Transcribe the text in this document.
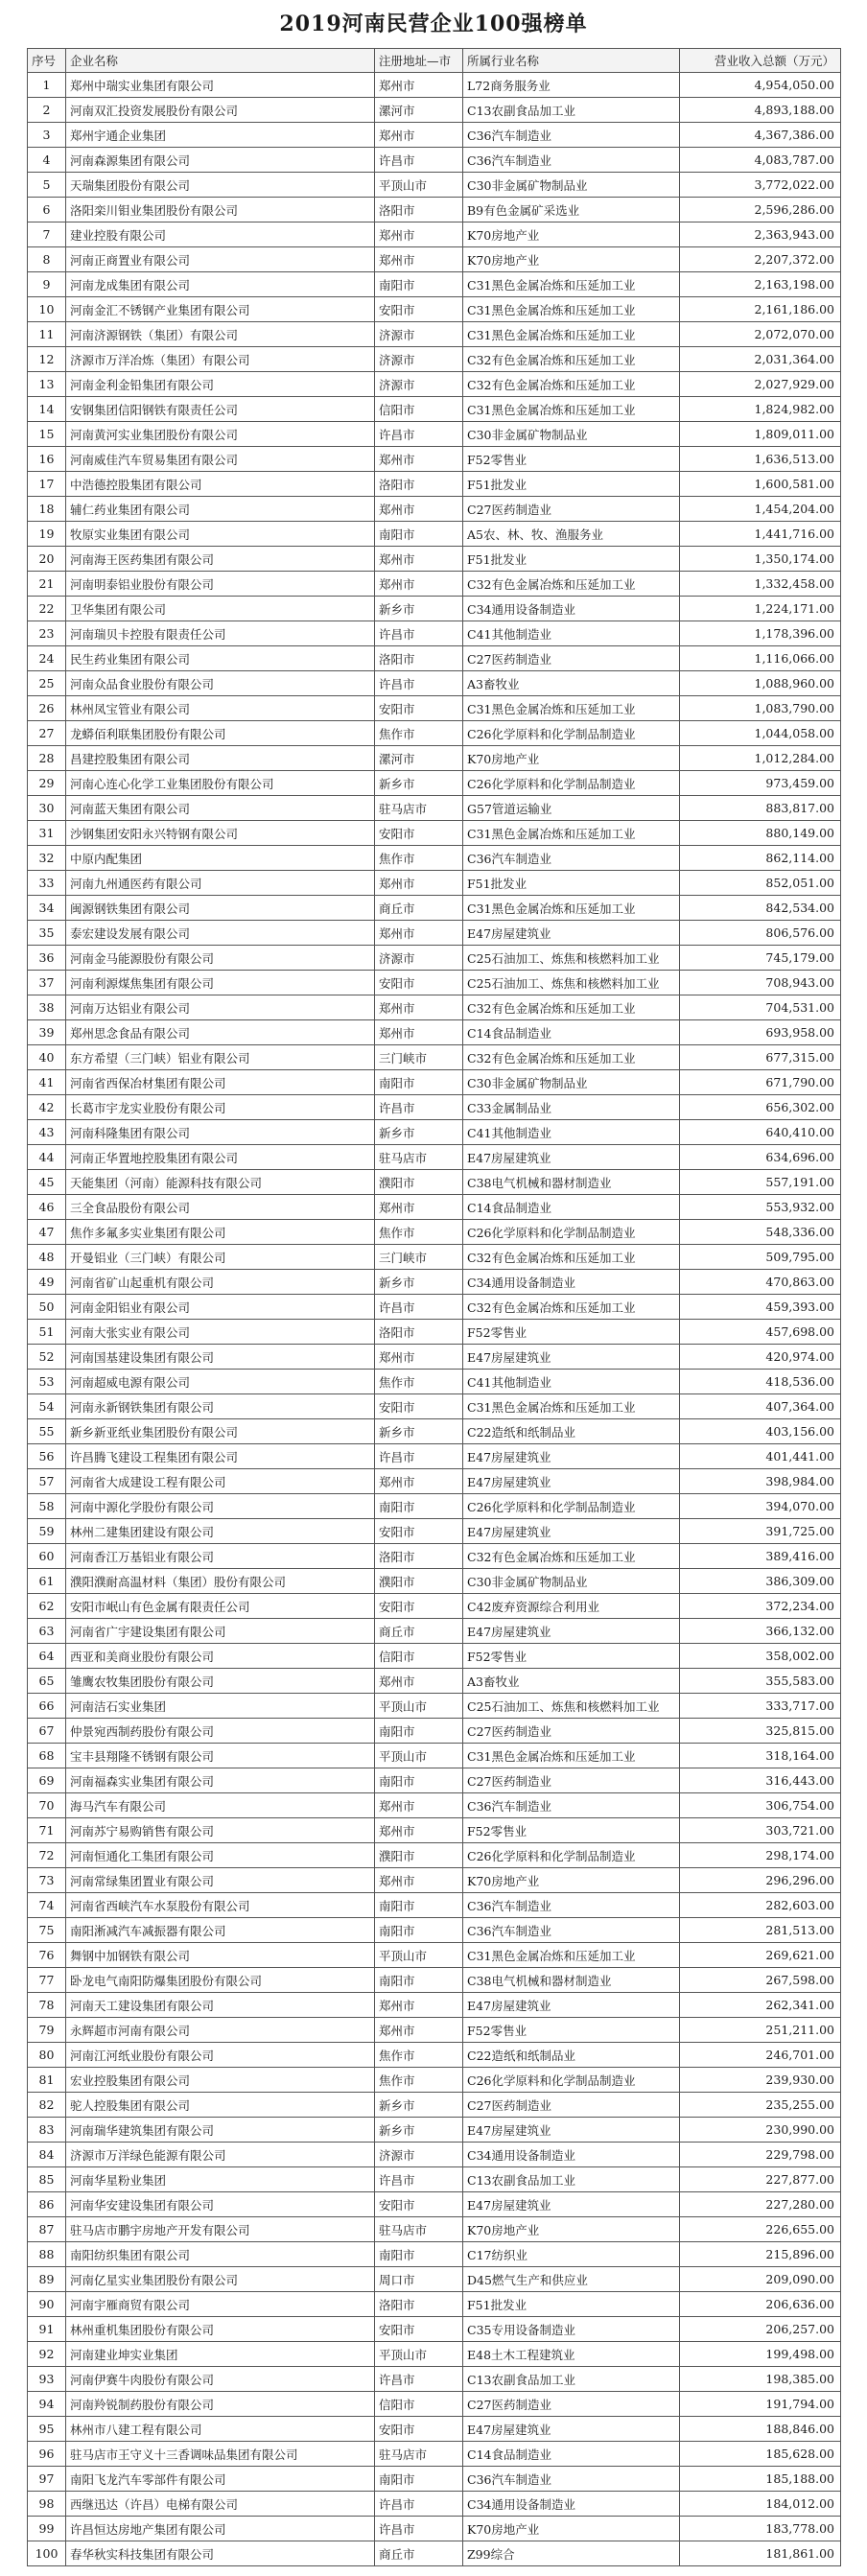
2019河南民营企业100强榜单
序号	企业名称	注册地址—市	所属行业名称	营业收入总额（万元）
1	郑州中瑞实业集团有限公司	郑州市	L72商务服务业	4,954,050.00
2	河南双汇投资发展股份有限公司	漯河市	C13农副食品加工业	4,893,188.00
3	郑州宇通企业集团	郑州市	C36汽车制造业	4,367,386.00
4	河南森源集团有限公司	许昌市	C36汽车制造业	4,083,787.00
5	天瑞集团股份有限公司	平顶山市	C30非金属矿物制品业	3,772,022.00
6	洛阳栾川钼业集团股份有限公司	洛阳市	B9有色金属矿采选业	2,596,286.00
7	建业控股有限公司	郑州市	K70房地产业	2,363,943.00
8	河南正商置业有限公司	郑州市	K70房地产业	2,207,372.00
9	河南龙成集团有限公司	南阳市	C31黑色金属冶炼和压延加工业	2,163,198.00
10	河南金汇不锈钢产业集团有限公司	安阳市	C31黑色金属冶炼和压延加工业	2,161,186.00
11	河南济源钢铁（集团）有限公司	济源市	C31黑色金属冶炼和压延加工业	2,072,070.00
12	济源市万洋冶炼（集团）有限公司	济源市	C32有色金属冶炼和压延加工业	2,031,364.00
13	河南金利金铅集团有限公司	济源市	C32有色金属冶炼和压延加工业	2,027,929.00
14	安钢集团信阳钢铁有限责任公司	信阳市	C31黑色金属冶炼和压延加工业	1,824,982.00
15	河南黄河实业集团股份有限公司	许昌市	C30非金属矿物制品业	1,809,011.00
16	河南威佳汽车贸易集团有限公司	郑州市	F52零售业	1,636,513.00
17	中浩德控股集团有限公司	洛阳市	F51批发业	1,600,581.00
18	辅仁药业集团有限公司	郑州市	C27医药制造业	1,454,204.00
19	牧原实业集团有限公司	南阳市	A5农、林、牧、渔服务业	1,441,716.00
20	河南海王医药集团有限公司	郑州市	F51批发业	1,350,174.00
21	河南明泰铝业股份有限公司	郑州市	C32有色金属冶炼和压延加工业	1,332,458.00
22	卫华集团有限公司	新乡市	C34通用设备制造业	1,224,171.00
23	河南瑞贝卡控股有限责任公司	许昌市	C41其他制造业	1,178,396.00
24	民生药业集团有限公司	洛阳市	C27医药制造业	1,116,066.00
25	河南众品食业股份有限公司	许昌市	A3畜牧业	1,088,960.00
26	林州凤宝管业有限公司	安阳市	C31黑色金属冶炼和压延加工业	1,083,790.00
27	龙蟒佰利联集团股份有限公司	焦作市	C26化学原料和化学制品制造业	1,044,058.00
28	昌建控股集团有限公司	漯河市	K70房地产业	1,012,284.00
29	河南心连心化学工业集团股份有限公司	新乡市	C26化学原料和化学制品制造业	973,459.00
30	河南蓝天集团有限公司	驻马店市	G57管道运输业	883,817.00
31	沙钢集团安阳永兴特钢有限公司	安阳市	C31黑色金属冶炼和压延加工业	880,149.00
32	中原内配集团	焦作市	C36汽车制造业	862,114.00
33	河南九州通医药有限公司	郑州市	F51批发业	852,051.00
34	闽源钢铁集团有限公司	商丘市	C31黑色金属冶炼和压延加工业	842,534.00
35	泰宏建设发展有限公司	郑州市	E47房屋建筑业	806,576.00
36	河南金马能源股份有限公司	济源市	C25石油加工、炼焦和核燃料加工业	745,179.00
37	河南利源煤焦集团有限公司	安阳市	C25石油加工、炼焦和核燃料加工业	708,943.00
38	河南万达铝业有限公司	郑州市	C32有色金属冶炼和压延加工业	704,531.00
39	郑州思念食品有限公司	郑州市	C14食品制造业	693,958.00
40	东方希望（三门峡）铝业有限公司	三门峡市	C32有色金属冶炼和压延加工业	677,315.00
41	河南省西保冶材集团有限公司	南阳市	C30非金属矿物制品业	671,790.00
42	长葛市宇龙实业股份有限公司	许昌市	C33金属制品业	656,302.00
43	河南科隆集团有限公司	新乡市	C41其他制造业	640,410.00
44	河南正华置地控股集团有限公司	驻马店市	E47房屋建筑业	634,696.00
45	天能集团（河南）能源科技有限公司	濮阳市	C38电气机械和器材制造业	557,191.00
46	三全食品股份有限公司	郑州市	C14食品制造业	553,932.00
47	焦作多氟多实业集团有限公司	焦作市	C26化学原料和化学制品制造业	548,336.00
48	开曼铝业（三门峡）有限公司	三门峡市	C32有色金属冶炼和压延加工业	509,795.00
49	河南省矿山起重机有限公司	新乡市	C34通用设备制造业	470,863.00
50	河南金阳铝业有限公司	许昌市	C32有色金属冶炼和压延加工业	459,393.00
51	河南大张实业有限公司	洛阳市	F52零售业	457,698.00
52	河南国基建设集团有限公司	郑州市	E47房屋建筑业	420,974.00
53	河南超威电源有限公司	焦作市	C41其他制造业	418,536.00
54	河南永新钢铁集团有限公司	安阳市	C31黑色金属冶炼和压延加工业	407,364.00
55	新乡新亚纸业集团股份有限公司	新乡市	C22造纸和纸制品业	403,156.00
56	许昌腾飞建设工程集团有限公司	许昌市	E47房屋建筑业	401,441.00
57	河南省大成建设工程有限公司	郑州市	E47房屋建筑业	398,984.00
58	河南中源化学股份有限公司	南阳市	C26化学原料和化学制品制造业	394,070.00
59	林州二建集团建设有限公司	安阳市	E47房屋建筑业	391,725.00
60	河南香江万基铝业有限公司	洛阳市	C32有色金属冶炼和压延加工业	389,416.00
61	濮阳濮耐高温材料（集团）股份有限公司	濮阳市	C30非金属矿物制品业	386,309.00
62	安阳市岷山有色金属有限责任公司	安阳市	C42废弃资源综合利用业	372,234.00
63	河南省广宇建设集团有限公司	商丘市	E47房屋建筑业	366,132.00
64	西亚和美商业股份有限公司	信阳市	F52零售业	358,002.00
65	雏鹰农牧集团股份有限公司	郑州市	A3畜牧业	355,583.00
66	河南洁石实业集团	平顶山市	C25石油加工、炼焦和核燃料加工业	333,717.00
67	仲景宛西制药股份有限公司	南阳市	C27医药制造业	325,815.00
68	宝丰县翔隆不锈钢有限公司	平顶山市	C31黑色金属冶炼和压延加工业	318,164.00
69	河南福森实业集团有限公司	南阳市	C27医药制造业	316,443.00
70	海马汽车有限公司	郑州市	C36汽车制造业	306,754.00
71	河南苏宁易购销售有限公司	郑州市	F52零售业	303,721.00
72	河南恒通化工集团有限公司	濮阳市	C26化学原料和化学制品制造业	298,174.00
73	河南常绿集团置业有限公司	郑州市	K70房地产业	296,296.00
74	河南省西峡汽车水泵股份有限公司	南阳市	C36汽车制造业	282,603.00
75	南阳淅减汽车减振器有限公司	南阳市	C36汽车制造业	281,513.00
76	舞钢中加钢铁有限公司	平顶山市	C31黑色金属冶炼和压延加工业	269,621.00
77	卧龙电气南阳防爆集团股份有限公司	南阳市	C38电气机械和器材制造业	267,598.00
78	河南天工建设集团有限公司	郑州市	E47房屋建筑业	262,341.00
79	永辉超市河南有限公司	郑州市	F52零售业	251,211.00
80	河南江河纸业股份有限公司	焦作市	C22造纸和纸制品业	246,701.00
81	宏业控股集团有限公司	焦作市	C26化学原料和化学制品制造业	239,930.00
82	驼人控股集团有限公司	新乡市	C27医药制造业	235,255.00
83	河南瑞华建筑集团有限公司	新乡市	E47房屋建筑业	230,990.00
84	济源市万洋绿色能源有限公司	济源市	C34通用设备制造业	229,798.00
85	河南华星粉业集团	许昌市	C13农副食品加工业	227,877.00
86	河南华安建设集团有限公司	安阳市	E47房屋建筑业	227,280.00
87	驻马店市鹏宇房地产开发有限公司	驻马店市	K70房地产业	226,655.00
88	南阳纺织集团有限公司	南阳市	C17纺织业	215,896.00
89	河南亿星实业集团股份有限公司	周口市	D45燃气生产和供应业	209,090.00
90	河南宇雁商贸有限公司	洛阳市	F51批发业	206,636.00
91	林州重机集团股份有限公司	安阳市	C35专用设备制造业	206,257.00
92	河南建业坤实业集团	平顶山市	E48土木工程建筑业	199,498.00
93	河南伊赛牛肉股份有限公司	许昌市	C13农副食品加工业	198,385.00
94	河南羚锐制药股份有限公司	信阳市	C27医药制造业	191,794.00
95	林州市八建工程有限公司	安阳市	E47房屋建筑业	188,846.00
96	驻马店市王守义十三香调味品集团有限公司	驻马店市	C14食品制造业	185,628.00
97	南阳飞龙汽车零部件有限公司	南阳市	C36汽车制造业	185,188.00
98	西继迅达（许昌）电梯有限公司	许昌市	C34通用设备制造业	184,012.00
99	许昌恒达房地产集团有限公司	许昌市	K70房地产业	183,778.00
100	春华秋实科技集团有限公司	商丘市	Z99综合	181,861.00
